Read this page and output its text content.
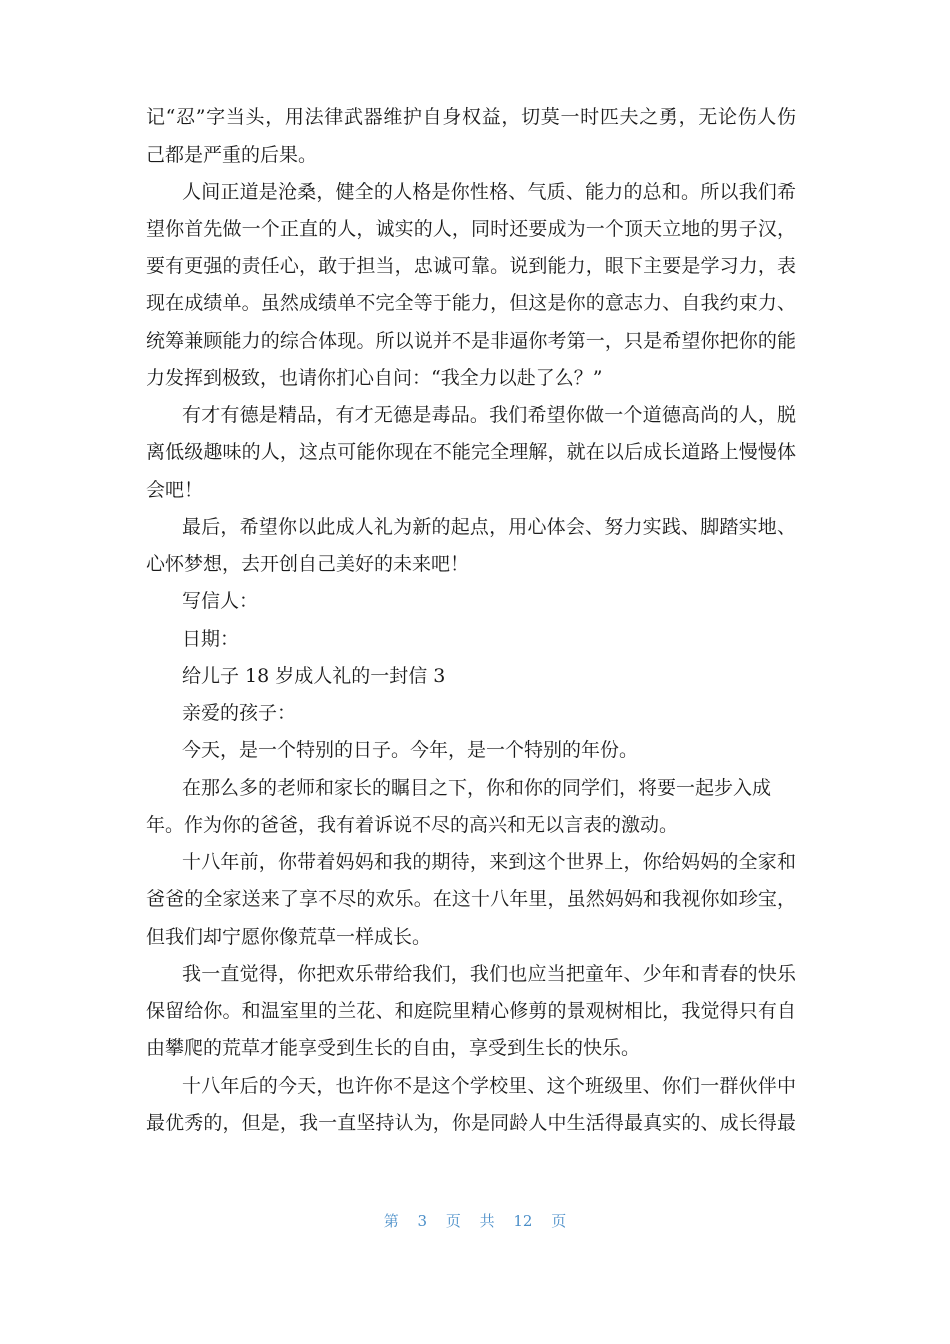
记“忍”字当头，用法律武器维护自身权益，切莫一时匹夫之勇，无论伤人伤
己都是严重的后果。
人间正道是沧桑，健全的人格是你性格、气质、能力的总和。所以我们希
望你首先做一个正直的人，诚实的人，同时还要成为一个顶天立地的男子汉，
要有更强的责任心，敢于担当，忠诚可靠。说到能力，眼下主要是学习力，表
现在成绩单。虽然成绩单不完全等于能力，但这是你的意志力、自我约束力、
统筹兼顾能力的综合体现。所以说并不是非逼你考第一，只是希望你把你的能
力发挥到极致，也请你扪心自问：“我全力以赴了么？”
有才有德是精品，有才无德是毒品。我们希望你做一个道德高尚的人，脱
离低级趣味的人，这点可能你现在不能完全理解，就在以后成长道路上慢慢体
会吧！
最后，希望你以此成人礼为新的起点，用心体会、努力实践、脚踏实地、
心怀梦想，去开创自己美好的未来吧！
写信人：
日期：
给儿子 18 岁成人礼的一封信 3
亲爱的孩子：
今天，是一个特别的日子。今年，是一个特别的年份。
在那么多的老师和家长的瞩目之下，你和你的同学们，将要一起步入成
年。作为你的爸爸，我有着诉说不尽的高兴和无以言表的激动。
十八年前，你带着妈妈和我的期待，来到这个世界上，你给妈妈的全家和
爸爸的全家送来了享不尽的欢乐。在这十八年里，虽然妈妈和我视你如珍宝，
但我们却宁愿你像荒草一样成长。
我一直觉得，你把欢乐带给我们，我们也应当把童年、少年和青春的快乐
保留给你。和温室里的兰花、和庭院里精心修剪的景观树相比，我觉得只有自
由攀爬的荒草才能享受到生长的自由，享受到生长的快乐。
十八年后的今天，也许你不是这个学校里、这个班级里、你们一群伙伴中
最优秀的，但是，我一直坚持认为，你是同龄人中生活得最真实的、成长得最
第 3 页 共 12 页
